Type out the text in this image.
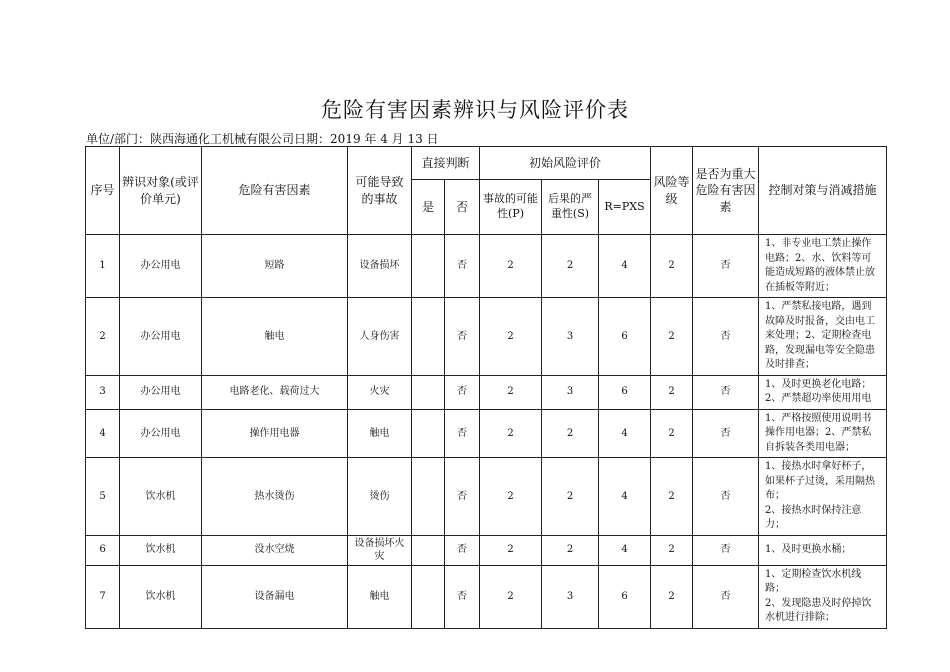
危险有害因素辨识与风险评价表
单位/部门：陕西海通化工机械有限公司日期：2019 年 4 月 13 日
序号	辨识对象(或评价单元)	危险有害因素	可能导致的事故	直接判断		初始风险评价			风险等级	是否为重大危险有害因素	控制对策与消减措施
				是	否	事故的可能性(P)	后果的严重性(S)	R=PXS			
1	办公用电	短路	设备损坏		否	2	2	4	2	否	1、非专业电工禁止操作电路；2、水、饮料等可能造成短路的液体禁止放在插板等附近；

2	办公用电	触电	人身伤害		否	2	3	6	2	否	1、严禁私接电路，遇到故障及时报备，交由电工来处理；2、定期检查电路，发现漏电等安全隐患及时排查；

3	办公用电	电路老化、载荷过大	火灾		否	2	3	6	2	否	1、及时更换老化电路；
2、严禁超功率使用用电

4	办公用电	操作用电器	触电		否	2	2	4	2	否	1、严格按照使用说明书操作用电器；2、严禁私自拆装各类用电器；

5	饮水机	热水烫伤	烫伤		否	2	2	4	2	否	1、接热水时拿好杯子，如果杯子过烫，采用隔热布；
2、接热水时保持注意力；

6	饮水机	没水空烧	设备损坏火灾		否	2	2	4	2	否	1、及时更换水桶；

7	饮水机	设备漏电	触电		否	2	3	6	2	否	1、定期检查饮水机线路；
2、发现隐患及时停掉饮水机进行排除；
